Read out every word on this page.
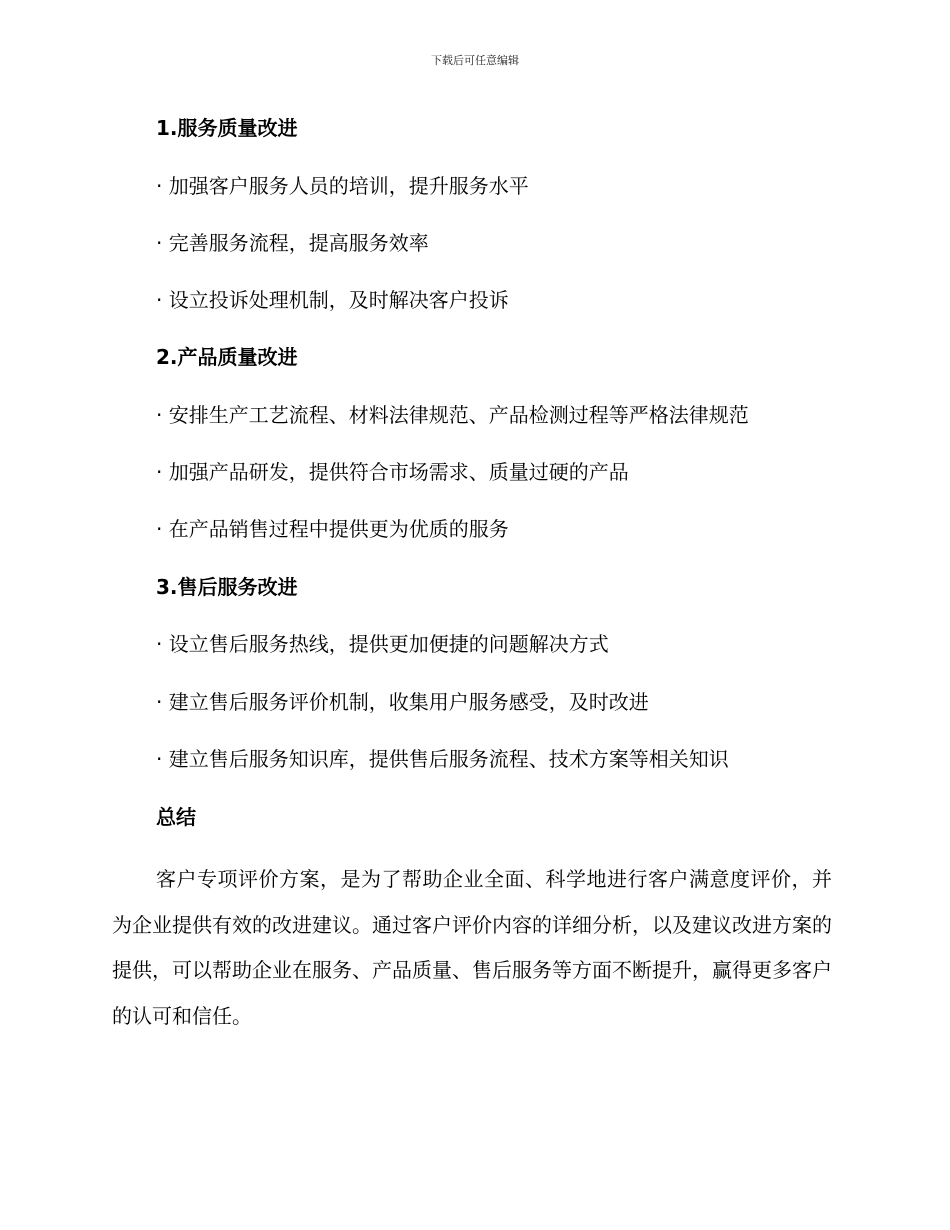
下载后可任意编辑
1.服务质量改进
· 加强客户服务人员的培训，提升服务水平
· 完善服务流程，提高服务效率
· 设立投诉处理机制，及时解决客户投诉
2.产品质量改进
· 安排生产工艺流程、材料法律规范、产品检测过程等严格法律规范
· 加强产品研发，提供符合市场需求、质量过硬的产品
· 在产品销售过程中提供更为优质的服务
3.售后服务改进
· 设立售后服务热线，提供更加便捷的问题解决方式
· 建立售后服务评价机制，收集用户服务感受，及时改进
· 建立售后服务知识库，提供售后服务流程、技术方案等相关知识
总结
客户专项评价方案，是为了帮助企业全面、科学地进行客户满意度评价，并为企业提供有效的改进建议。通过客户评价内容的详细分析，以及建议改进方案的提供，可以帮助企业在服务、产品质量、售后服务等方面不断提升，赢得更多客户的认可和信任。
